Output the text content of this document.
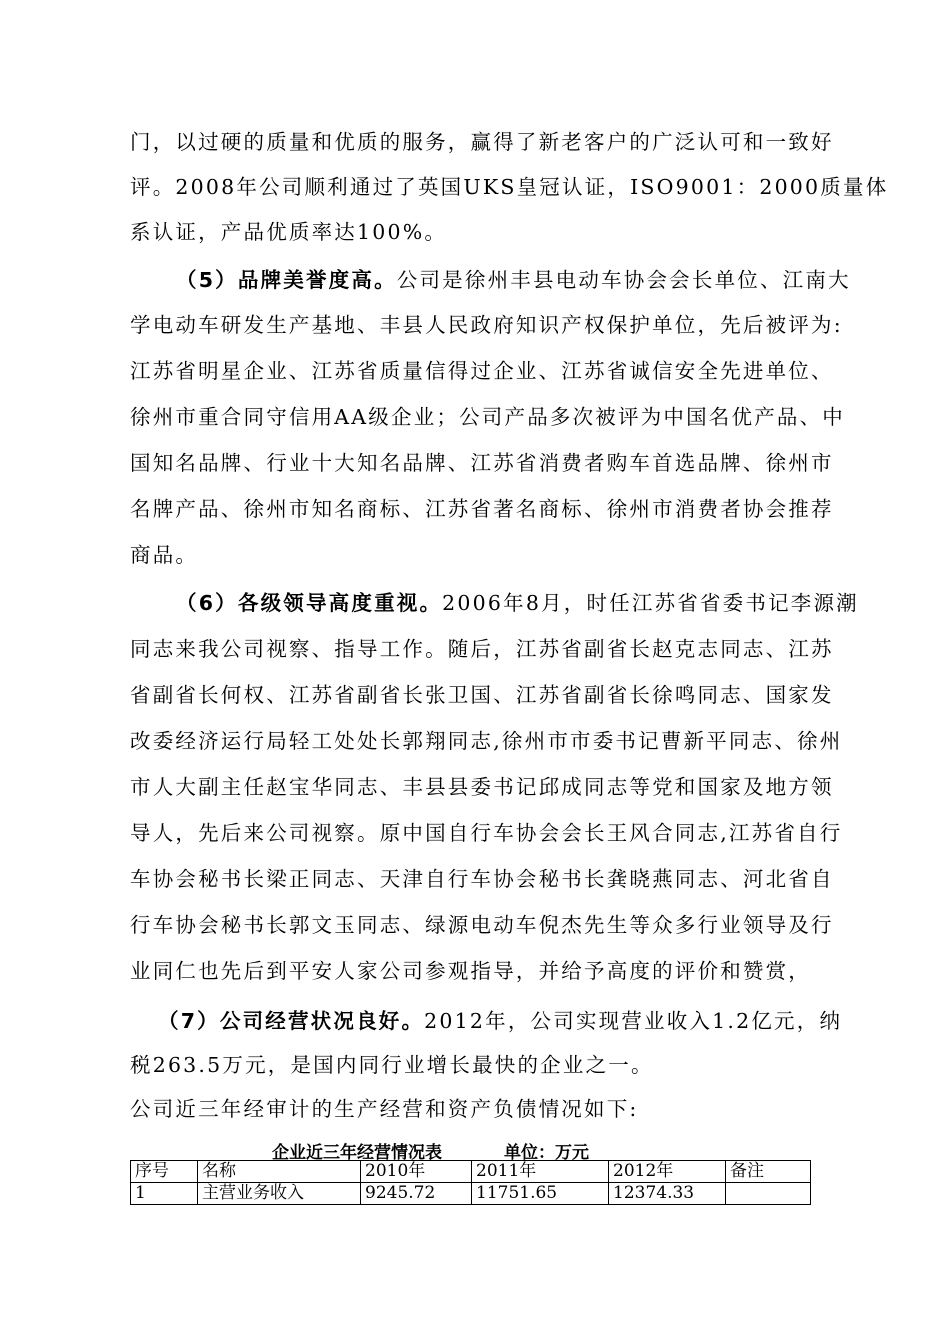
门，以过硬的质量和优质的服务，赢得了新老客户的广泛认可和一致好
评。2008年公司顺利通过了英国UKS皇冠认证，ISO9001：2000质量体
系认证，产品优质率达100%。
（5）品牌美誉度高。公司是徐州丰县电动车协会会长单位、江南大
学电动车研发生产基地、丰县人民政府知识产权保护单位，先后被评为:
江苏省明星企业、江苏省质量信得过企业、江苏省诚信安全先进单位、
徐州市重合同守信用AA级企业；公司产品多次被评为中国名优产品、中
国知名品牌、行业十大知名品牌、江苏省消费者购车首选品牌、徐州市
名牌产品、徐州市知名商标、江苏省著名商标、徐州市消费者协会推荐
商品。
（6）各级领导高度重视。2006年8月，时任江苏省省委书记李源潮
同志来我公司视察、指导工作。随后，江苏省副省长赵克志同志、江苏
省副省长何权、江苏省副省长张卫国、江苏省副省长徐鸣同志、国家发
改委经济运行局轻工处处长郭翔同志,徐州市市委书记曹新平同志、徐州
市人大副主任赵宝华同志、丰县县委书记邱成同志等党和国家及地方领
导人，先后来公司视察。原中国自行车协会会长王风合同志,江苏省自行
车协会秘书长梁正同志、天津自行车协会秘书长龚晓燕同志、河北省自
行车协会秘书长郭文玉同志、绿源电动车倪杰先生等众多行业领导及行
业同仁也先后到平安人家公司参观指导，并给予高度的评价和赞赏，
（7）公司经营状况良好。2012年，公司实现营业收入1.2亿元，纳
税263.5万元，是国内同行业增长最快的企业之一。
公司近三年经审计的生产经营和资产负债情况如下:
企业近三年经营情况表	单位：万元
序号	名称	2010年	2011年	2012年	备注
1	主营业务收入	9245.72	11751.65	12374.33	
